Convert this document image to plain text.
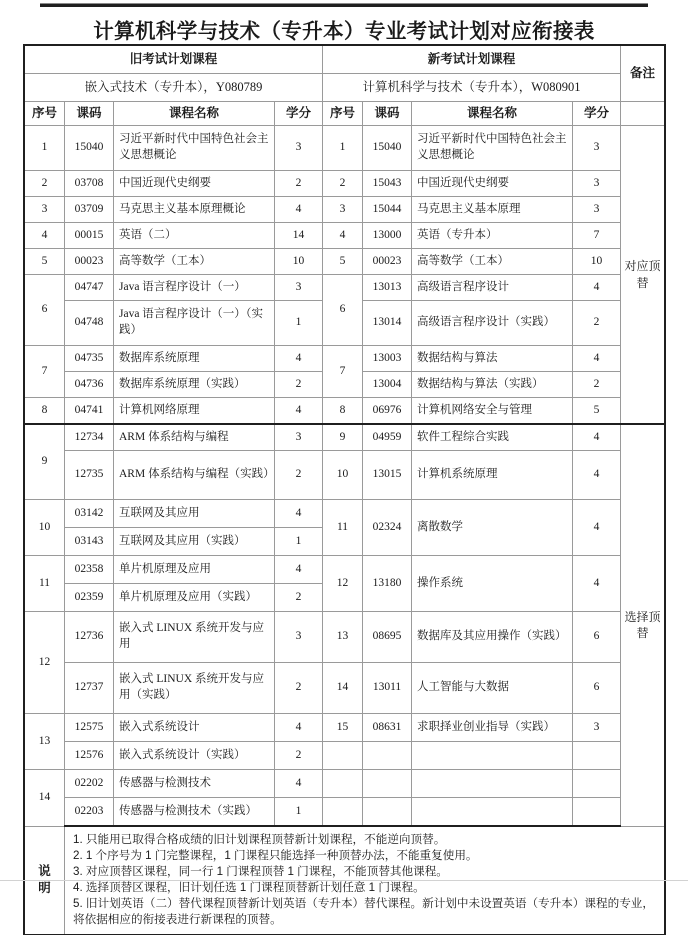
计算机科学与技术（专升本）专业考试计划对应衔接表
旧考试计划课程				新考试计划课程				备注
嵌入式技术（专升本），Y080789				计算机科学与技术（专升本），W080901				
序号	课码	课程名称	学分	序号	课码	课程名称	学分	
1	15040	习近平新时代中国特色社会主义思想概论	3	1	15040	习近平新时代中国特色社会主义思想概论	3	对应顶替
2	03708	中国近现代史纲要	2	2	15043	中国近现代史纲要	3	
3	03709	马克思主义基本原理概论	4	3	15044	马克思主义基本原理	3	
4	00015	英语（二）	14	4	13000	英语（专升本）	7	
5	00023	高等数学（工本）	10	5	00023	高等数学（工本）	10	
6	04747	Java 语言程序设计（一）	3	6	13013	高级语言程序设计	4	
	04748	Java 语言程序设计（一）（实践）	1		13014	高级语言程序设计（实践）	2	
7	04735	数据库系统原理	4	7	13003	数据结构与算法	4	
	04736	数据库系统原理（实践）	2		13004	数据结构与算法（实践）	2	
8	04741	计算机网络原理	4	8	06976	计算机网络安全与管理	5	
9	12734	ARM 体系结构与编程	3	9	04959	软件工程综合实践	4	选择顶替
	12735	ARM 体系结构与编程（实践）	2	10	13015	计算机系统原理	4	
10	03142	互联网及其应用	4	11	02324	离散数学	4	
	03143	互联网及其应用（实践）	1					
11	02358	单片机原理及应用	4	12	13180	操作系统	4	
	02359	单片机原理及应用（实践）	2					
12	12736	嵌入式 LINUX 系统开发与应用	3	13	08695	数据库及其应用操作（实践）	6	
	12737	嵌入式 LINUX 系统开发与应用（实践）	2	14	13011	人工智能与大数据	6	
13	12575	嵌入式系统设计	4	15	08631	求职择业创业指导（实践）	3	
	12576	嵌入式系统设计（实践）	2					
14	02202	传感器与检测技术	4					
	02203	传感器与检测技术（实践）	1					

说
明

1. 只能用已取得合格成绩的旧计划课程顶替新计划课程，不能逆向顶替。

2. 1 个序号为 1 门完整课程，1 门课程只能选择一种顶替办法，不能重复使用。

3. 对应顶替区课程，同一行 1 门课程顶替 1 门课程，不能顶替其他课程。

4. 选择顶替区课程，旧计划任选 1 门课程顶替新计划任意 1 门课程。

5. 旧计划英语（二）替代课程顶替新计划英语（专升本）替代课程。新计划中未设置英语（专升本）课程的专业，将依据相应的衔接表进行新课程的顶替。
